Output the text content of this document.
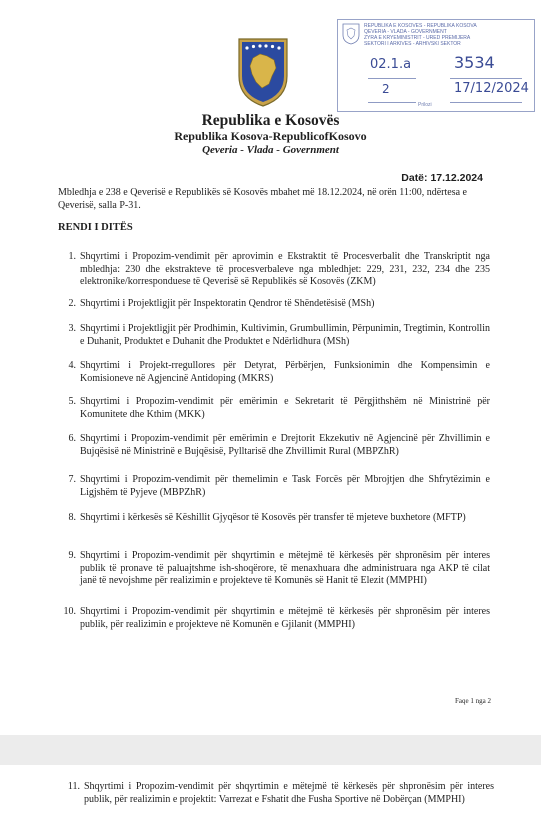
REPUBLIKA E KOSOVËS - REPUBLIKA KOSOVA
QEVERIA - VLADA - GOVERNMENT
ZYRA E KRYEMINISTRIT - URED PREMIJERA
SEKTORI I ARKIVËS - ARHIVSKI SEKTOR
02.1.a	3534
2	17/12/2024
Prilozi
Republika e Kosovës
Republika Kosova-RepublicofKosovo
Qeveria - Vlada - Government
Datë: 17.12.2024
Mbledhja e 238 e Qeverisë e Republikës së Kosovës mbahet më 18.12.2024, në orën 11:00, ndërtesa e Qeverisë, salla P-31.
RENDI I DITËS
1. Shqyrtimi i Propozim-vendimit për aprovimin e Ekstraktit të Procesverbalit dhe Transkriptit nga mbledhja: 230 dhe ekstrakteve të procesverbaleve nga mbledhjet: 229, 231, 232, 234 dhe 235 elektronike/korresponduese të Qeverisë së Republikës së Kosovës (ZKM)
2. Shqyrtimi i Projektligjit për Inspektoratin Qendror të Shëndetësisë (MSh)
3. Shqyrtimi i Projektligjit për Prodhimin, Kultivimin, Grumbullimin, Përpunimin, Tregtimin, Kontrollin e Duhanit, Produktet e Duhanit dhe Produktet e Ndërlidhura (MSh)
4. Shqyrtimi i Projekt-rregullores për Detyrat, Përbërjen, Funksionimin dhe Kompensimin e Komisioneve në Agjencinë Antidoping (MKRS)
5. Shqyrtimi i Propozim-vendimit për emërimin e Sekretarit të Përgjithshëm në Ministrinë për Komunitete dhe Kthim (MKK)
6. Shqyrtimi i Propozim-vendimit për emërimin e Drejtorit Ekzekutiv në Agjencinë për Zhvillimin e Bujqësisë në Ministrinë e Bujqësisë, Pylltarisë dhe Zhvillimit Rural (MBPZhR)
7. Shqyrtimi i Propozim-vendimit për themelimin e Task Forcës për Mbrojtjen dhe Shfrytëzimin e Ligjshëm të Pyjeve (MBPZhR)
8. Shqyrtimi i kërkesës së Këshillit Gjyqësor të Kosovës për transfer të mjeteve buxhetore (MFTP)
9. Shqyrtimi i Propozim-vendimit për shqyrtimin e mëtejmë të kërkesës për shpronësim për interes publik të pronave të paluajtshme ish-shoqërore, të menaxhuara dhe administruara nga AKP të cilat janë të nevojshme për realizimin e projekteve të Komunës së Hanit të Elezit (MMPHI)
10. Shqyrtimi i Propozim-vendimit për shqyrtimin e mëtejmë të kërkesës për shpronësim për interes publik, për realizimin e projekteve në Komunën e Gjilanit (MMPHI)
Faqe 1 nga 2
11. Shqyrtimi i Propozim-vendimit për shqyrtimin e mëtejmë të kërkesës për shpronësim për interes publik, për realizimin e projektit: Varrezat e Fshatit dhe Fusha Sportive në Dobërçan (MMPHI)
